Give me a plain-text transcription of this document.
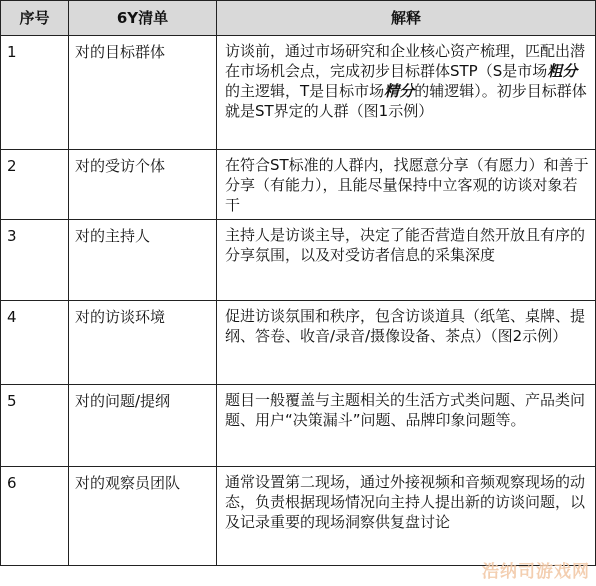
序号	6Y清单	解释
1	对的目标群体	访谈前，通过市场研究和企业核心资产梳理，匹配出潜在市场机会点，完成初步目标群体STP（S是市场粗分的主逻辑，T是目标市场精分的辅逻辑）。初步目标群体就是ST界定的人群（图1示例）
2	对的受访个体	在符合ST标准的人群内，找愿意分享（有愿力）和善于分享（有能力），且能尽量保持中立客观的访谈对象若干
3	对的主持人	主持人是访谈主导，决定了能否营造自然开放且有序的分享氛围，以及对受访者信息的采集深度
4	对的访谈环境	促进访谈氛围和秩序，包含访谈道具（纸笔、桌牌、提纲、答卷、收音/录音/摄像设备、茶点）（图2示例）
5	对的问题/提纲	题目一般覆盖与主题相关的生活方式类问题、产品类问题、用户“决策漏斗”问题、品牌印象问题等。
6	对的观察员团队	通常设置第二现场，通过外接视频和音频观察现场的动态，负责根据现场情况向主持人提出新的访谈问题，以及记录重要的现场洞察供复盘讨论
浩纳司游戏网
